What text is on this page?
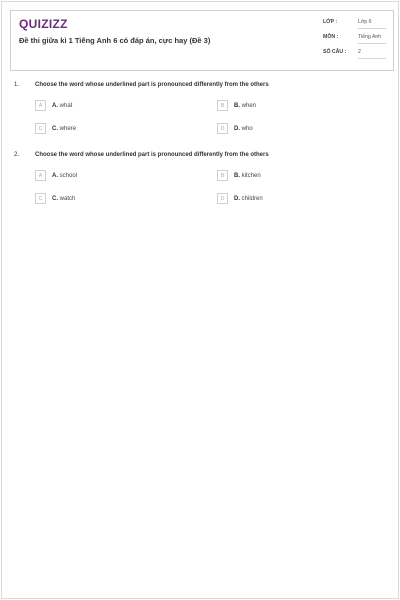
QUIZIZZ
Đề thi giữa kì 1 Tiếng Anh 6 có đáp án, cực hay (Đề 3)
LỚP :	Lớp 6
MÔN :	Tiếng Anh
SỐ CÂU :	2
1.	Choose the word whose underlined part is pronounced differently from the others
A	A. what	B	B. when
C	C. where	D	D. who
2.	Choose the word whose underlined part is pronounced differently from the others
A	A. school	B	B. kitchen
C	C. watch	D	D. children
